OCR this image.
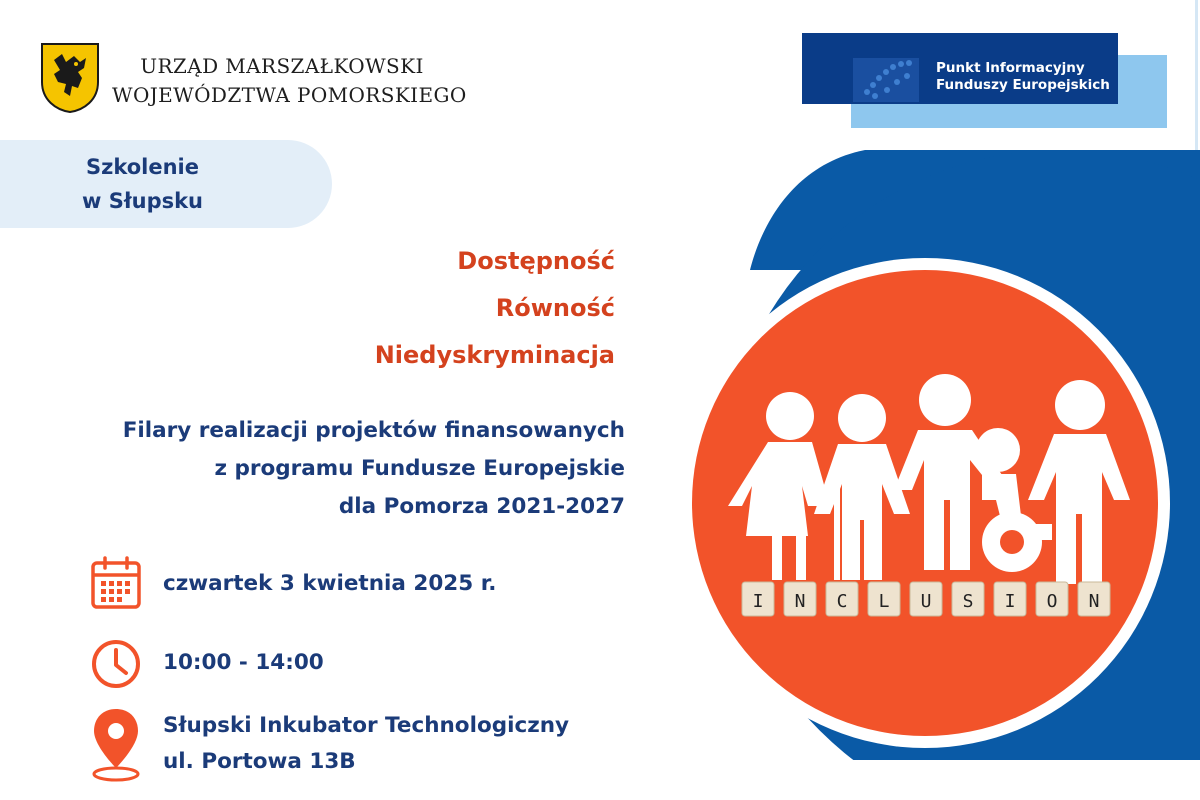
URZĄD MARSZAŁKOWSKI
WOJEWÓDZTWA POMORSKIEGO
Punkt Informacyjny
Funduszy Europejskich
Szkolenie
w Słupsku
Dostępność
Równość
Niedyskryminacja
Filary realizacji projektów finansowanych
z programu Fundusze Europejskie
dla Pomorza 2021-2027
czwartek 3 kwietnia 2025 r.
10:00 - 14:00
Słupski Inkubator Technologiczny
ul. Portowa 13B
I N C L U S I O N
